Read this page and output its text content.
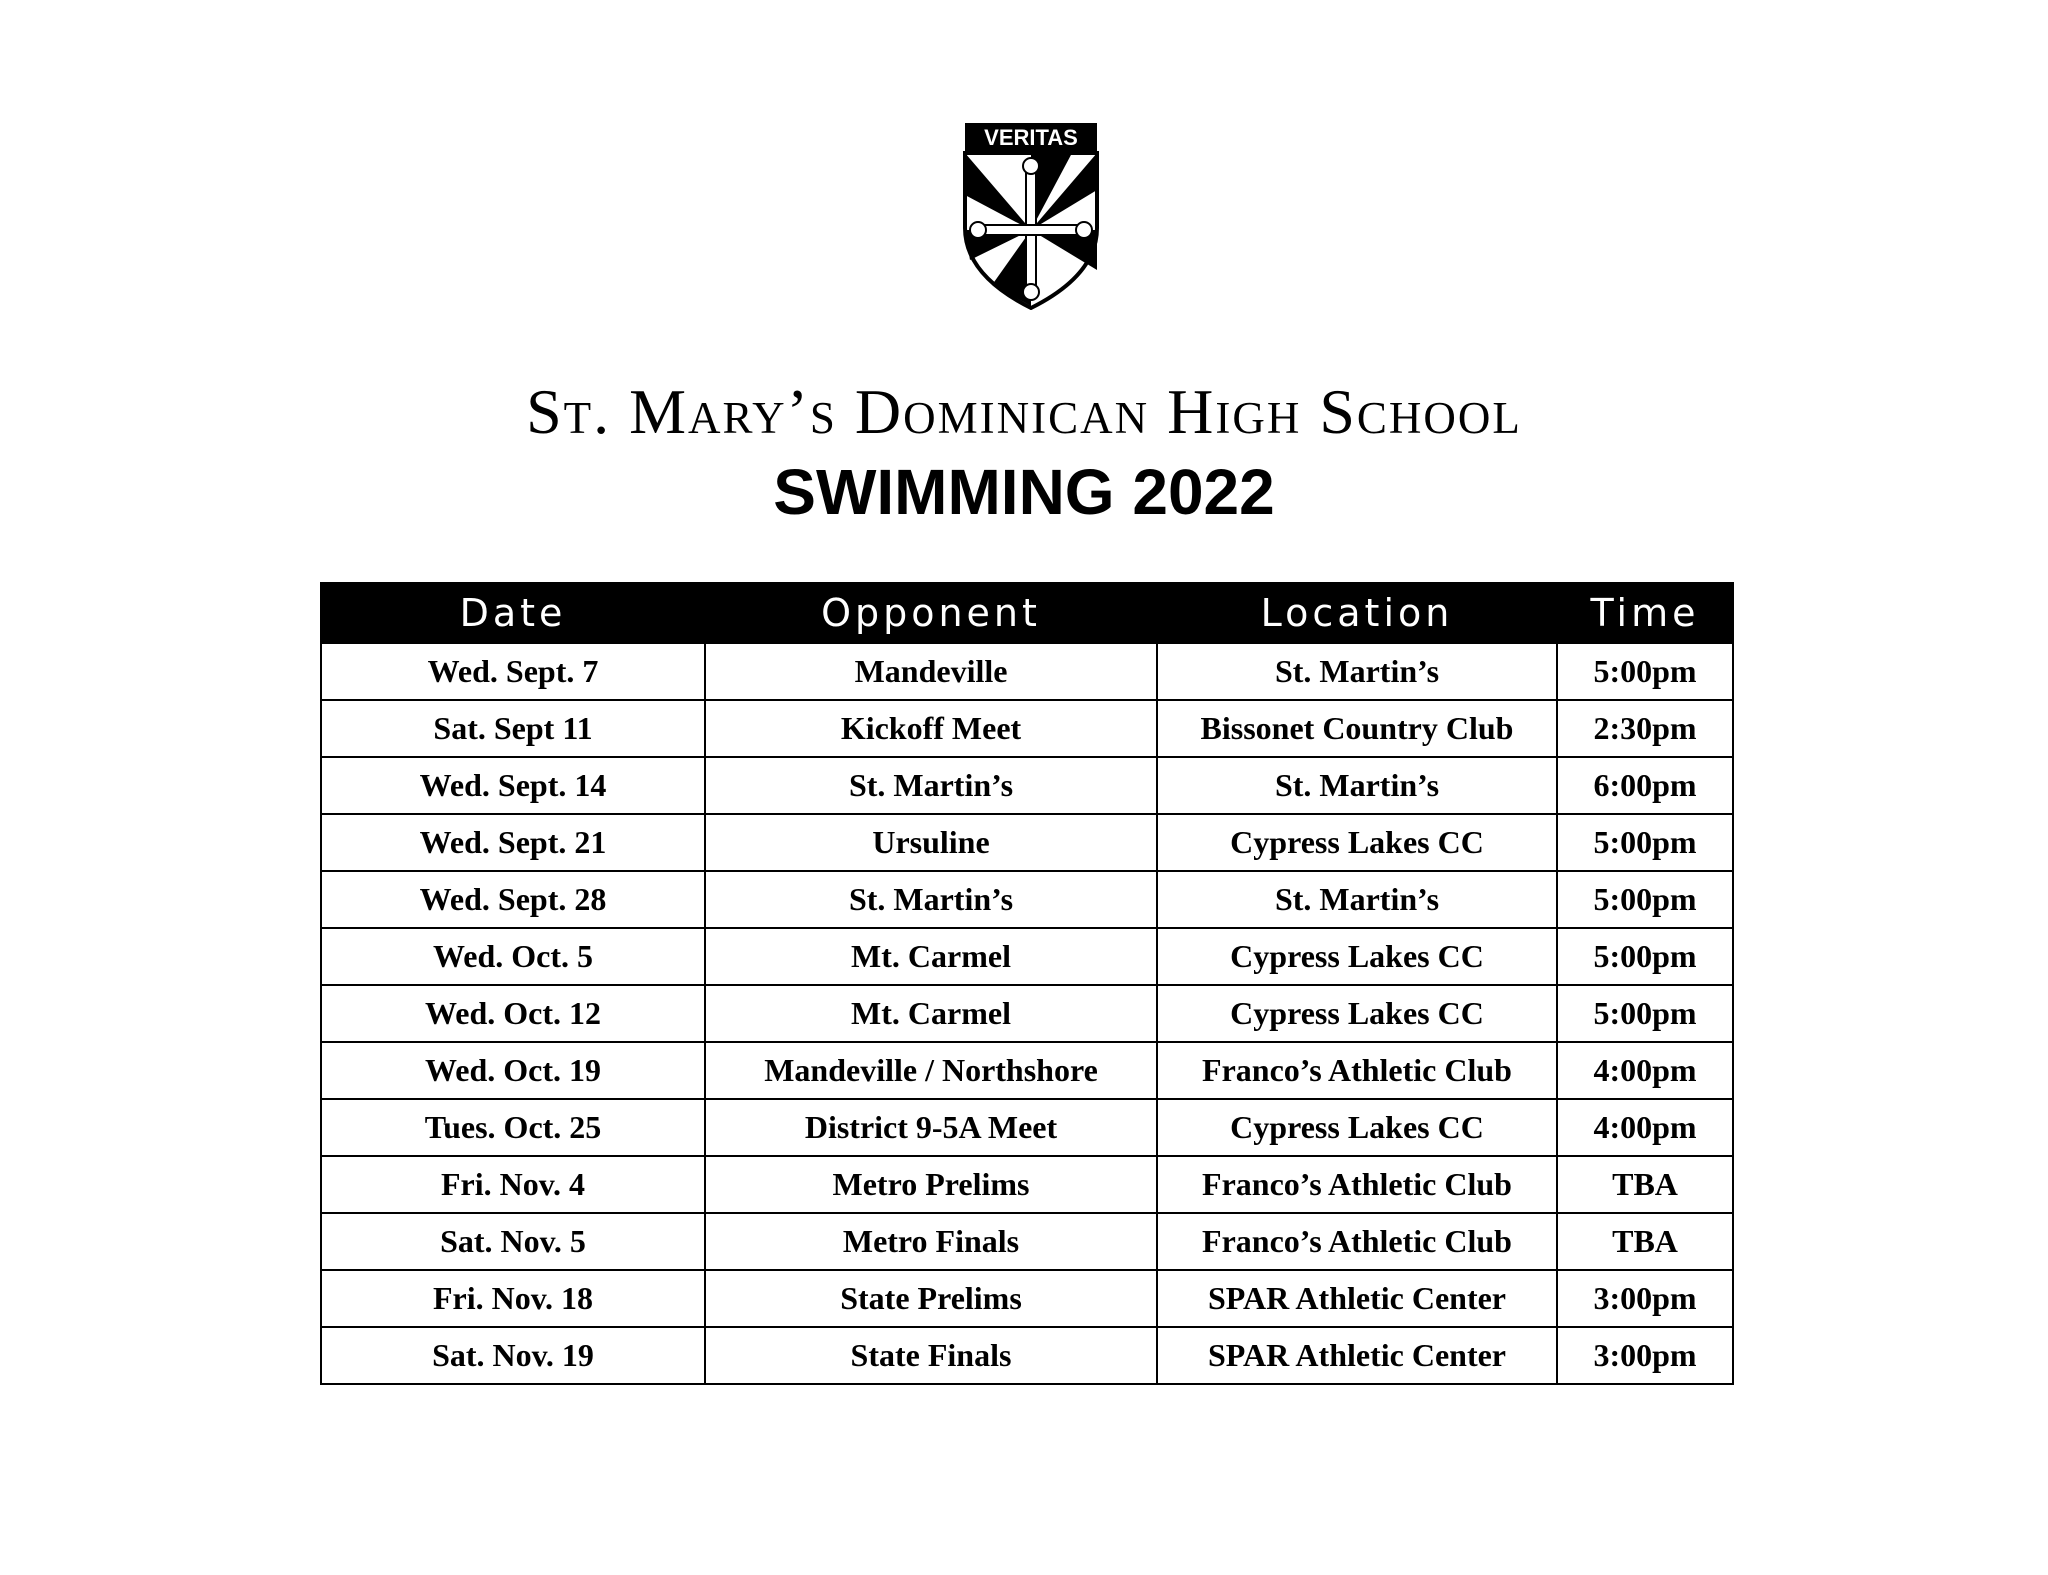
VERITAS
St. Mary’s Dominican High School
SWIMMING 2022
Date	Opponent	Location	Time
Wed. Sept. 7	Mandeville	St. Martin’s	5:00pm
Sat. Sept 11	Kickoff Meet	Bissonet Country Club	2:30pm
Wed. Sept. 14	St. Martin’s	St. Martin’s	6:00pm
Wed. Sept. 21	Ursuline	Cypress Lakes CC	5:00pm
Wed. Sept. 28	St. Martin’s	St. Martin’s	5:00pm
Wed. Oct. 5	Mt. Carmel	Cypress Lakes CC	5:00pm
Wed. Oct. 12	Mt. Carmel	Cypress Lakes CC	5:00pm
Wed. Oct. 19	Mandeville / Northshore	Franco’s Athletic Club	4:00pm
Tues. Oct. 25	District 9-5A Meet	Cypress Lakes CC	4:00pm
Fri. Nov. 4	Metro Prelims	Franco’s Athletic Club	TBA
Sat. Nov. 5	Metro Finals	Franco’s Athletic Club	TBA
Fri. Nov. 18	State Prelims	SPAR Athletic Center	3:00pm
Sat. Nov. 19	State Finals	SPAR Athletic Center	3:00pm
